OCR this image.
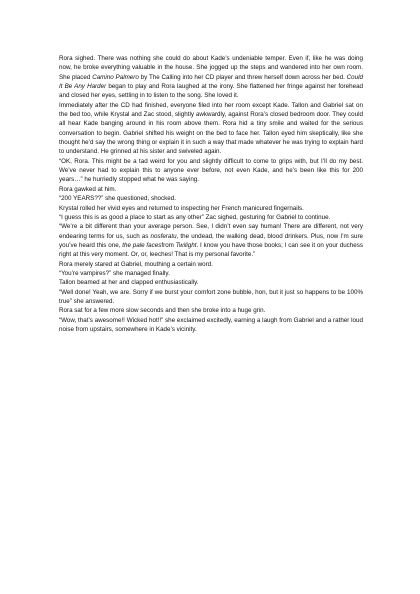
Rora sighed. There was nothing she could do about Kade’s undeniable temper. Even if, like he was doing now, he broke everything valuable in the house. She jogged up the steps and wandered into her own room. She placed Camino Palmero by The Calling into her CD player and threw herself down across her bed. Could It Be Any Harder began to play and Rora laughed at the irony. She flattened her fringe against her forehead and closed her eyes, settling in to listen to the song. She loved it.

Immediately after the CD had finished, everyone filed into her room except Kade. Tallon and Gabriel sat on the bed too, while Krystal and Zac stood, slightly awkwardly, against Rora’s closed bedroom door. They could all hear Kade banging around in his room above them. Rora hid a tiny smile and waited for the serious conversation to begin. Gabriel shifted his weight on the bed to face her. Tallon eyed him skeptically, like she thought he’d say the wrong thing or explain it in such a way that made whatever he was trying to explain hard to understand. He grinned at his sister and swiveled again.

“OK, Rora. This might be a tad weird for you and slightly difficult to come to grips with, but I’ll do my best. We’ve never had to explain this to anyone ever before, not even Kade, and he’s been like this for 200 years…” he hurriedly stopped what he was saying.

Rora gawked at him.

“200 YEARS??” she questioned, shocked.

Krystal rolled her vivid eyes and returned to inspecting her French manicured fingernails.

“I guess this is as good a place to start as any other” Zac sighed, gesturing for Gabriel to continue.

“We’re a bit different than your average person. See, I didn’t even say human! There are different, not very endearing terms for us, such as nosferatu, the undead, the walking dead, blood drinkers. Plus, now I’m sure you’ve heard this one, the pale facesfrom Twilight. I know you have those books; I can see it on your duchess right at this very moment. Or, or, leeches! That is my personal favorite.”

Rora merely stared at Gabriel, mouthing a certain word.

“You’re vampires?” she managed finally.

Tallon beamed at her and clapped enthusiastically.

“Well done! Yeah, we are. Sorry if we burst your comfort zone bubble, hon, but it just so happens to be 100% true” she answered.

Rora sat for a few more slow seconds and then she broke into a huge grin.

“Wow, that’s awesome!! Wicked hot!!” she exclaimed excitedly, earning a laugh from Gabriel and a rather loud noise from upstairs, somewhere in Kade’s vicinity.
